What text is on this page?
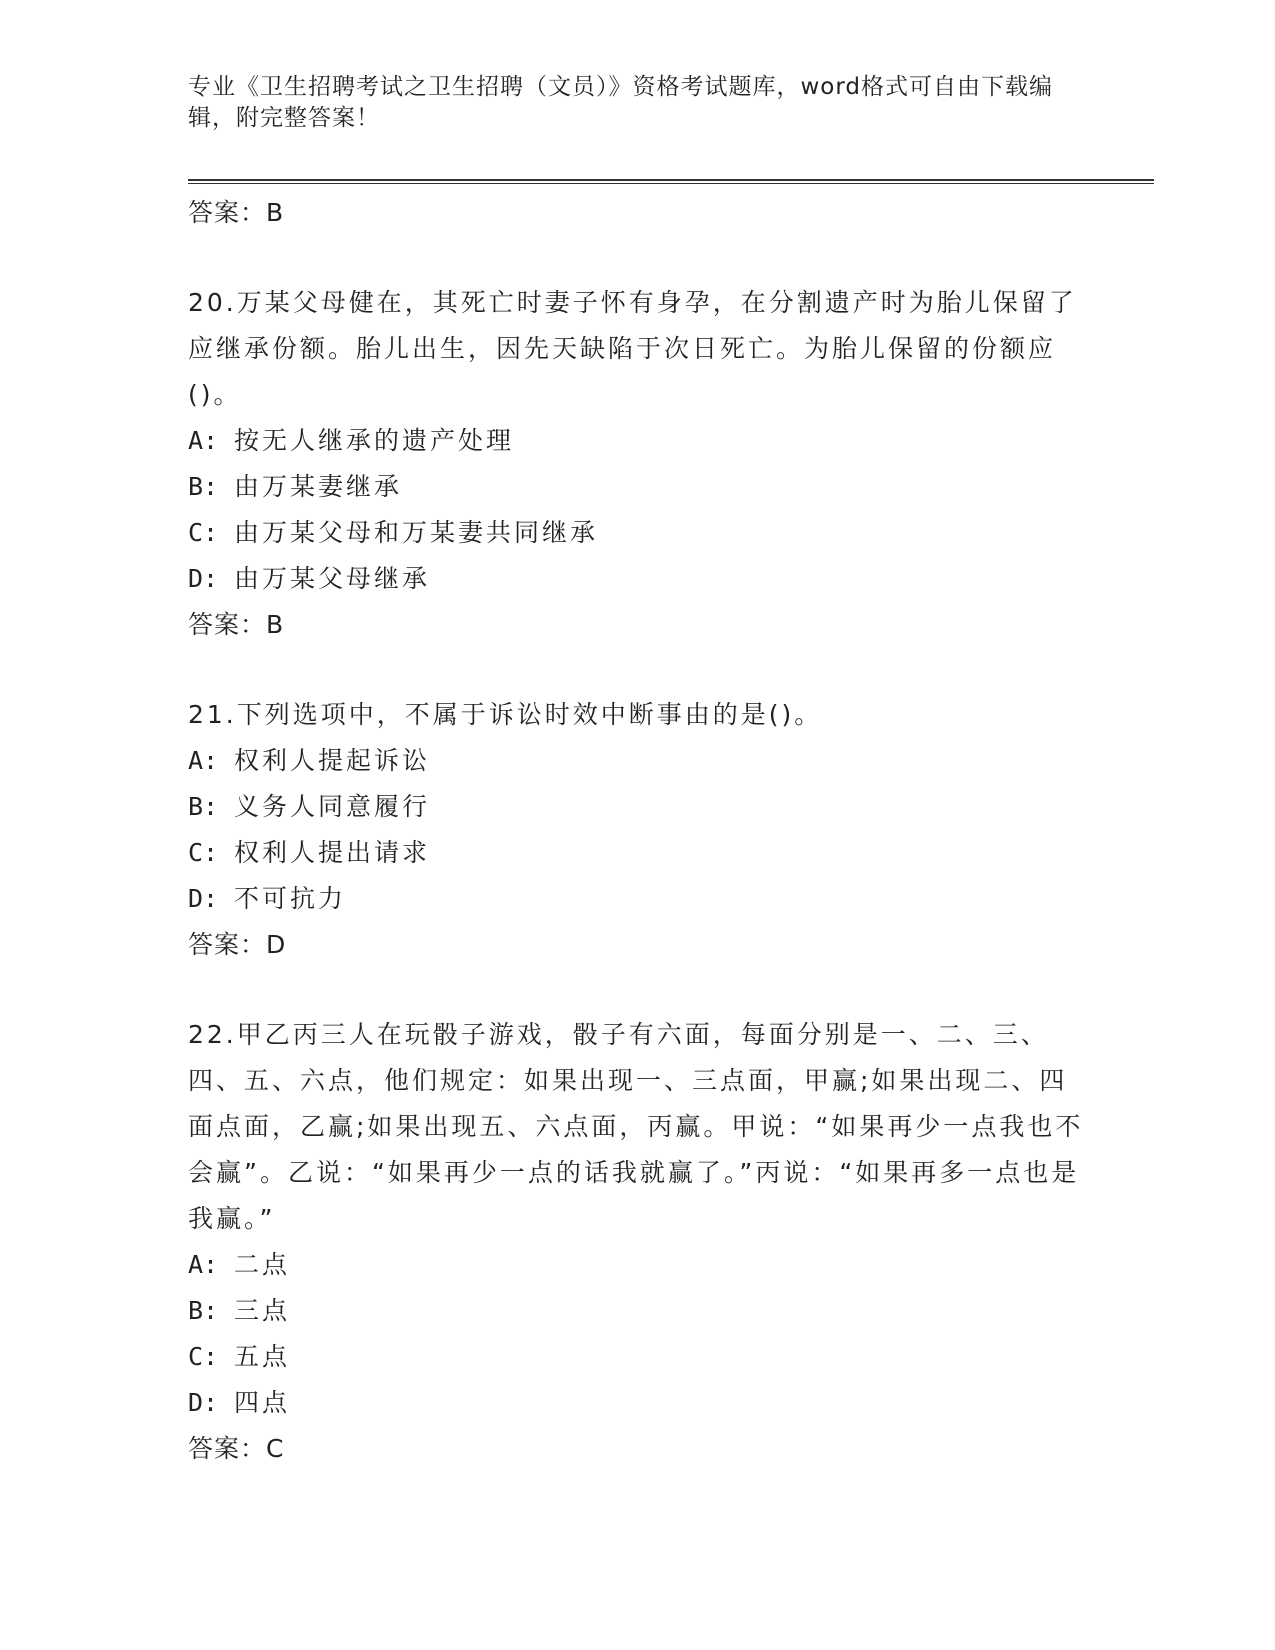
专业《卫生招聘考试之卫生招聘（文员）》资格考试题库，word格式可自由下载编辑，附完整答案！
答案：B

20.万某父母健在，其死亡时妻子怀有身孕，在分割遗产时为胎儿保留了应继承份额。胎儿出生，因先天缺陷于次日死亡。为胎儿保留的份额应()。

A: 按无人继承的遗产处理
B: 由万某妻继承
C: 由万某父母和万某妻共同继承
D: 由万某父母继承
答案：B

21.下列选项中，不属于诉讼时效中断事由的是()。

A: 权利人提起诉讼
B: 义务人同意履行
C: 权利人提出请求
D: 不可抗力
答案：D

22.甲乙丙三人在玩骰子游戏，骰子有六面，每面分别是一、二、三、四、五、六点，他们规定：如果出现一、三点面，甲赢;如果出现二、四面点面，乙赢;如果出现五、六点面，丙赢。甲说：“如果再少一点我也不会赢”。乙说：“如果再少一点的话我就赢了。”丙说：“如果再多一点也是我赢。”

A: 二点
B: 三点
C: 五点
D: 四点
答案：C
